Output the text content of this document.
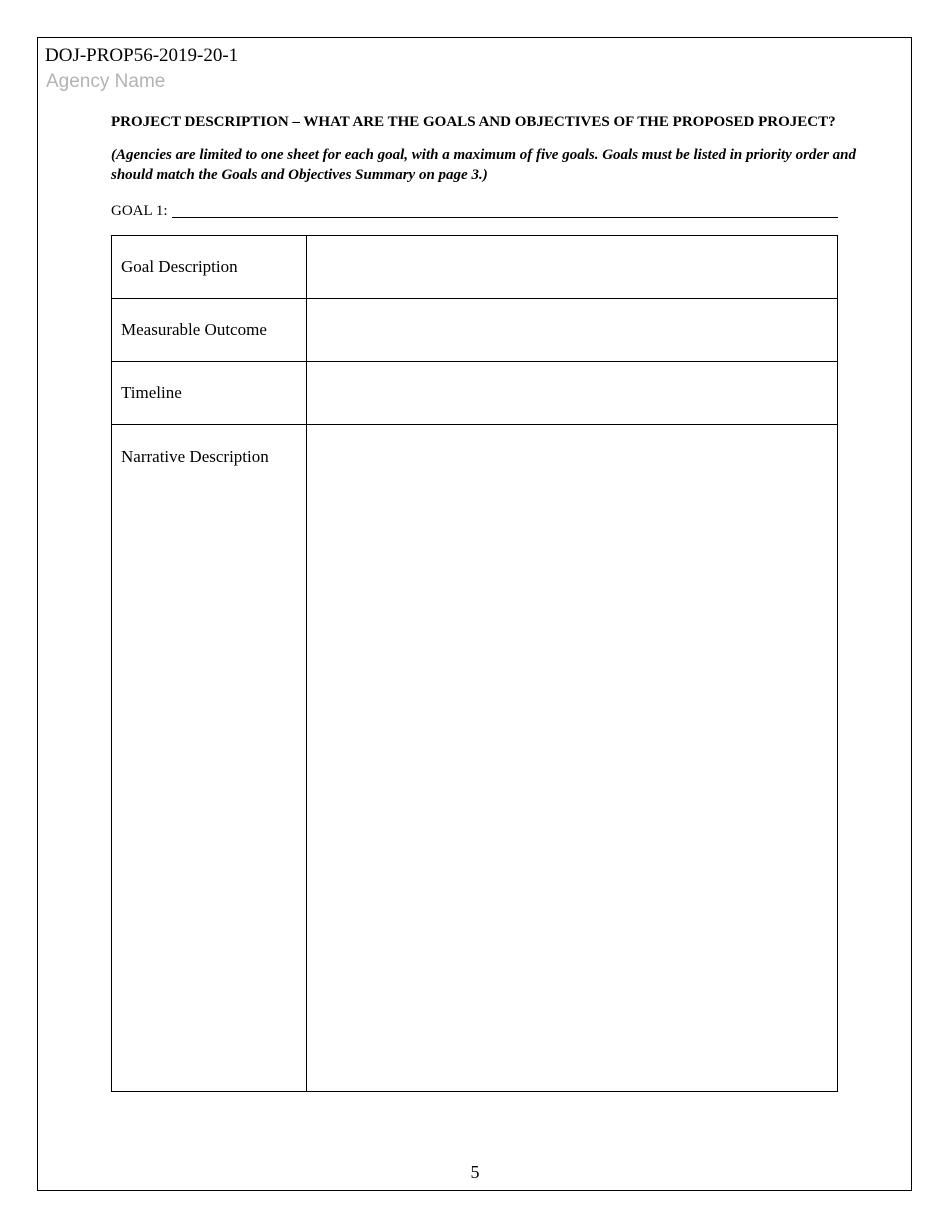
DOJ-PROP56-2019-20-1
Agency Name
PROJECT DESCRIPTION – WHAT ARE THE GOALS AND OBJECTIVES OF THE PROPOSED PROJECT?
(Agencies are limited to one sheet for each goal, with a maximum of five goals. Goals must be listed in priority order and should match the Goals and Objectives Summary on page 3.)
GOAL 1:
Goal Description	
Measurable Outcome	
Timeline	
Narrative Description	
5
